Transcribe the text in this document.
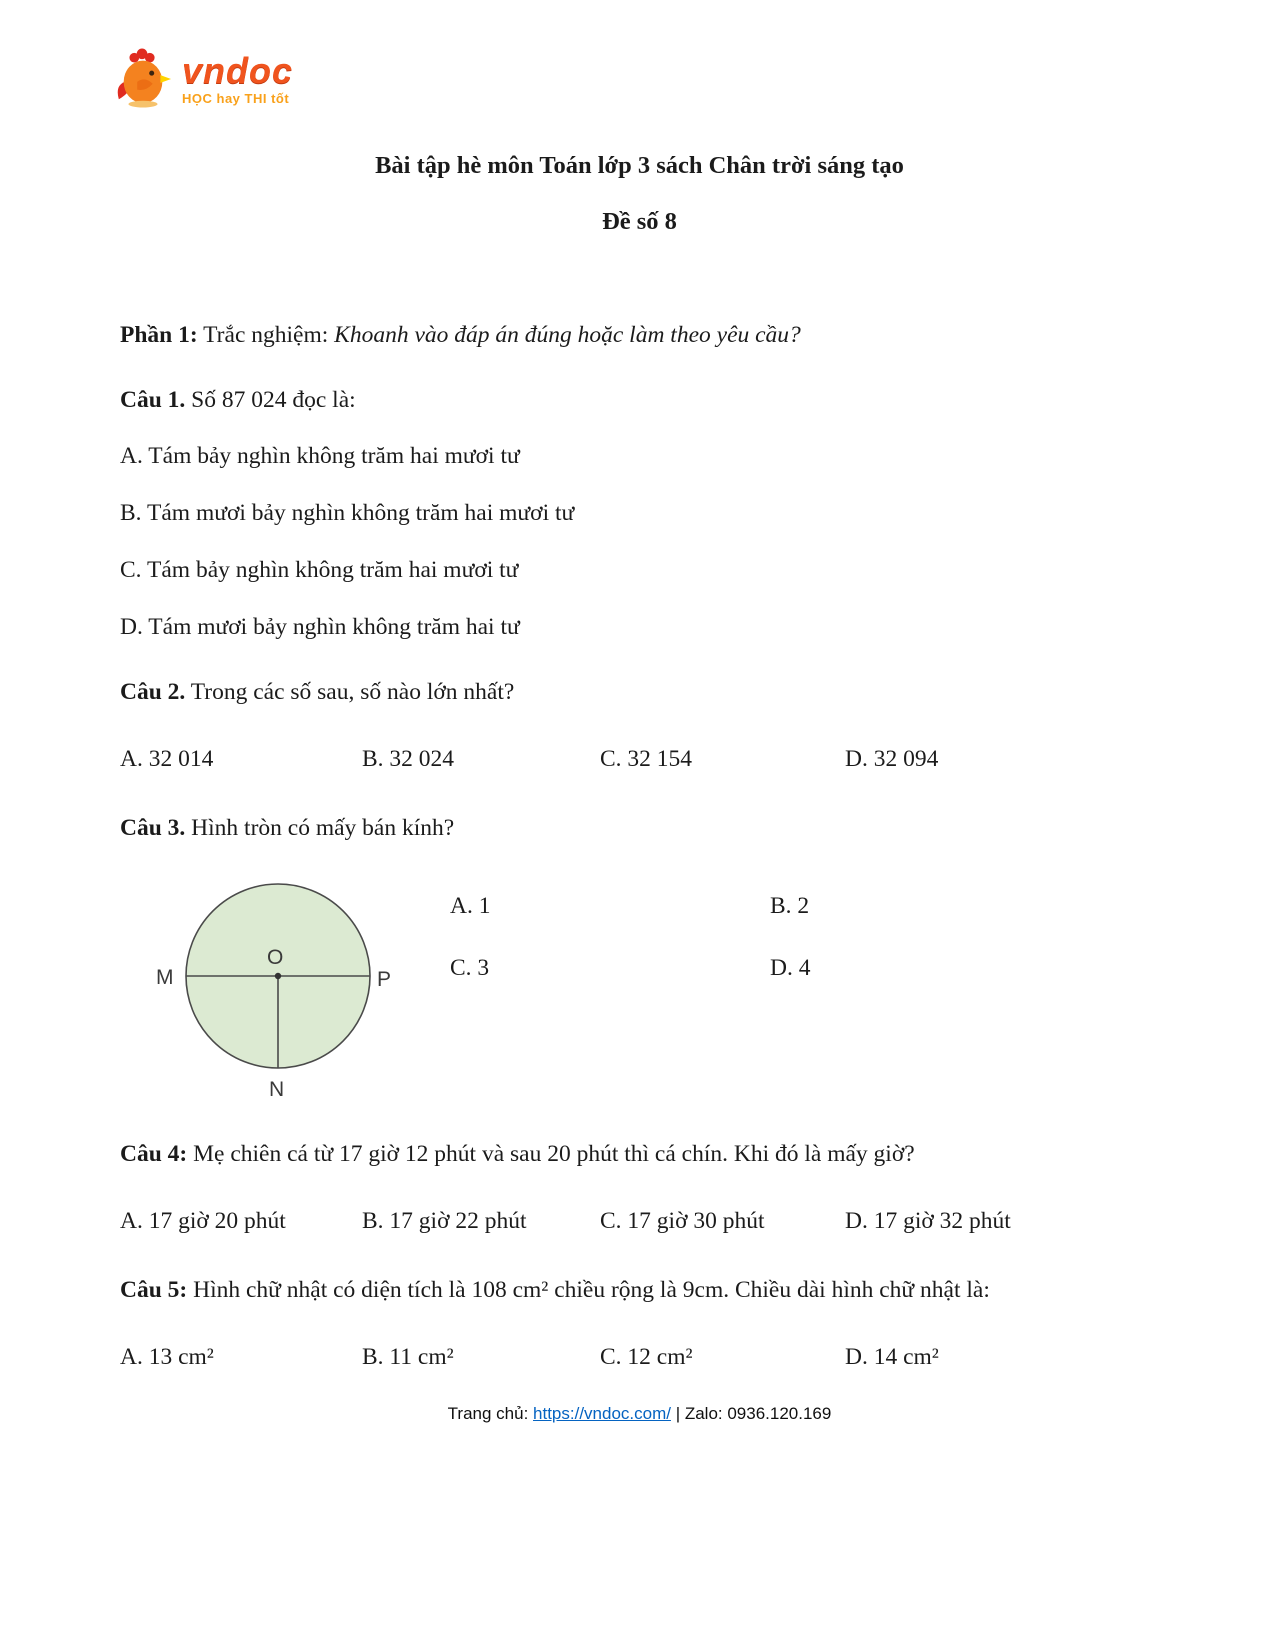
vndoc
HỌC hay THI tốt
Bài tập hè môn Toán lớp 3 sách Chân trời sáng tạo
Đề số 8

Phần 1: Trắc nghiệm: Khoanh vào đáp án đúng hoặc làm theo yêu cầu?

Câu 1. Số 87 024 đọc là:

A. Tám bảy nghìn không trăm hai mươi tư

B. Tám mươi bảy nghìn không trăm hai mươi tư

C. Tám bảy nghìn không trăm hai mươi tư

D. Tám mươi bảy nghìn không trăm hai tư

Câu 2. Trong các số sau, số nào lớn nhất?

A. 32 014	B. 32 024	C. 32 154	D. 32 094

Câu 3. Hình tròn có mấy bán kính?

M	P
O
N
A. 1	B. 2
C. 3	D. 4

Câu 4: Mẹ chiên cá từ 17 giờ 12 phút và sau 20 phút thì cá chín. Khi đó là mấy giờ?

A. 17 giờ 20 phút	B. 17 giờ 22 phút	C. 17 giờ 30 phút	D. 17 giờ 32 phút

Câu 5: Hình chữ nhật có diện tích là 108 cm² chiều rộng là 9cm. Chiều dài hình chữ nhật là:

A. 13 cm²	B. 11 cm²	C. 12 cm²	D. 14 cm²
Trang chủ: https://vndoc.com/ | Zalo: 0936.120.169
